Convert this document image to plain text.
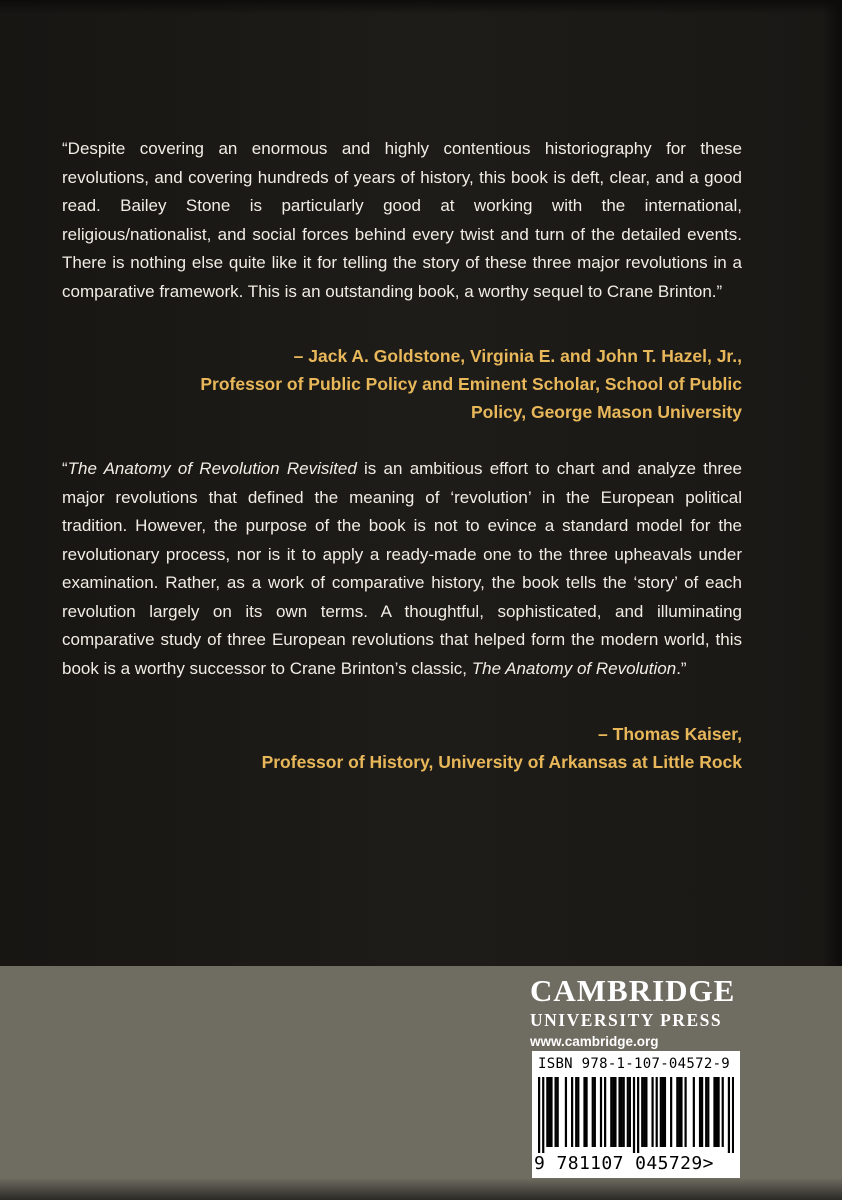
“Despite covering an enormous and highly contentious historiography for these revolutions, and covering hundreds of years of history, this book is deft, clear, and a good read. Bailey Stone is particularly good at working with the international, religious/nationalist, and social forces behind every twist and turn of the detailed events. There is nothing else quite like it for telling the story of these three major revolutions in a comparative framework. This is an outstanding book, a worthy sequel to Crane Brinton.”

– Jack A. Goldstone, Virginia E. and John T. Hazel, Jr.,
Professor of Public Policy and Eminent Scholar, School of Public
Policy, George Mason University

“The Anatomy of Revolution Revisited is an ambitious effort to chart and analyze three major revolutions that defined the meaning of ‘revolution’ in the European political tradition. However, the purpose of the book is not to evince a standard model for the revolutionary process, nor is it to apply a ready-made one to the three upheavals under examination. Rather, as a work of comparative history, the book tells the ‘story’ of each revolution largely on its own terms. A thoughtful, sophisticated, and illuminating comparative study of three European revolutions that helped form the modern world, this book is a worthy successor to Crane Brinton’s classic, The Anatomy of Revolution.”

– Thomas Kaiser,
Professor of History, University of Arkansas at Little Rock
CAMBRIDGE
UNIVERSITY PRESS
www.cambridge.org
ISBN 978-1-107-04572-9
9 781107 045729>
